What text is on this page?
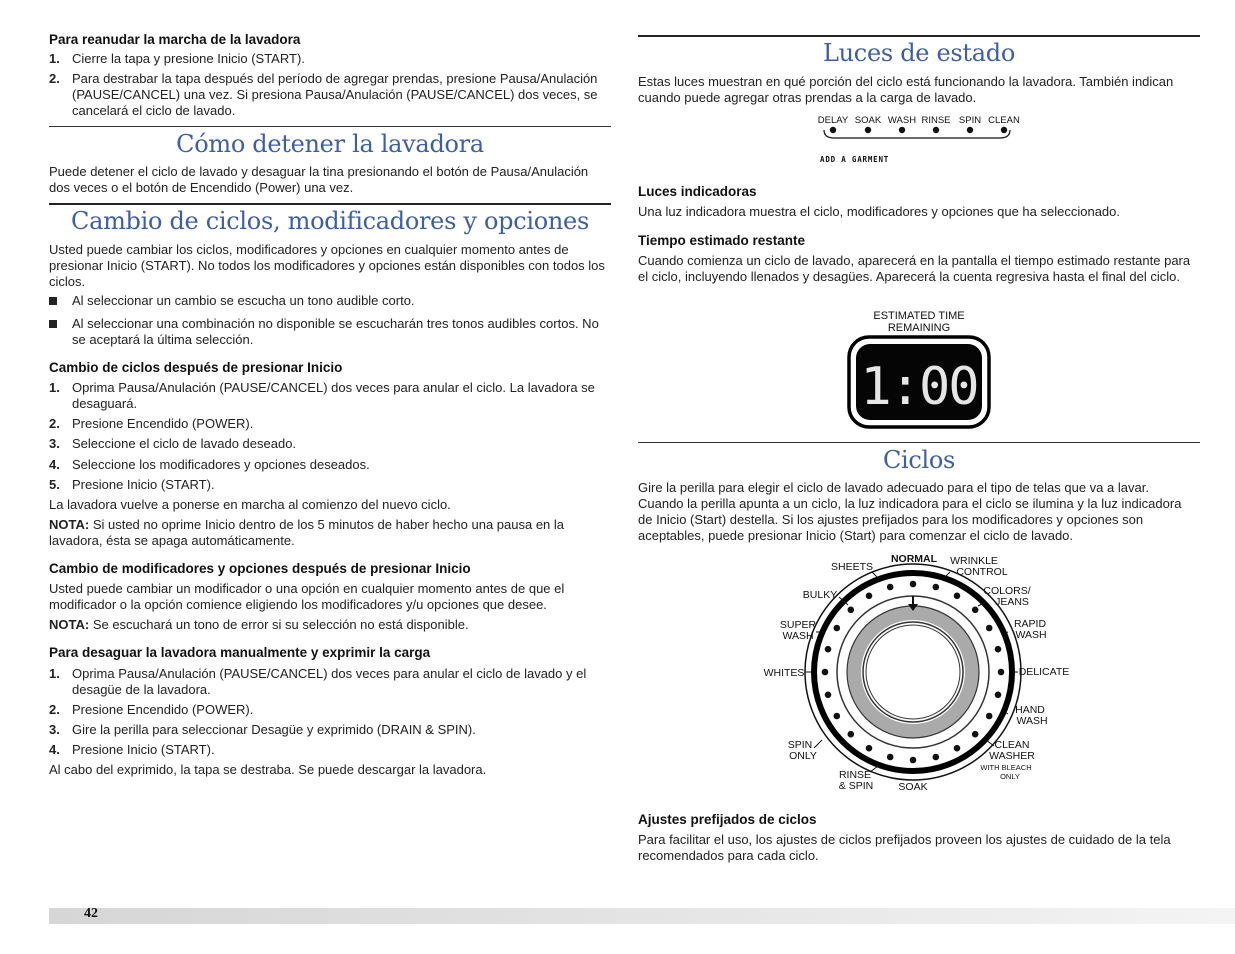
Para reanudar la marcha de la lavadora
1. Cierre la tapa y presione Inicio (START).
2. Para destrabar la tapa después del período de agregar prendas, presione Pausa/Anulación (PAUSE/CANCEL) una vez. Si presiona Pausa/Anulación (PAUSE/CANCEL) dos veces, se cancelará el ciclo de lavado.
Cómo detener la lavadora
Puede detener el ciclo de lavado y desaguar la tina presionando el botón de Pausa/Anulación dos veces o el botón de Encendido (Power) una vez.
Cambio de ciclos, modificadores y opciones
Usted puede cambiar los ciclos, modificadores y opciones en cualquier momento antes de presionar Inicio (START). No todos los modificadores y opciones están disponibles con todos los ciclos.
Al seleccionar un cambio se escucha un tono audible corto.
Al seleccionar una combinación no disponible se escucharán tres tonos audibles cortos. No se aceptará la última selección.
Cambio de ciclos después de presionar Inicio
1. Oprima Pausa/Anulación (PAUSE/CANCEL) dos veces para anular el ciclo. La lavadora se desaguará.
2. Presione Encendido (POWER).
3. Seleccione el ciclo de lavado deseado.
4. Seleccione los modificadores y opciones deseados.
5. Presione Inicio (START).
La lavadora vuelve a ponerse en marcha al comienzo del nuevo ciclo.
NOTA: Si usted no oprime Inicio dentro de los 5 minutos de haber hecho una pausa en la lavadora, ésta se apaga automáticamente.
Cambio de modificadores y opciones después de presionar Inicio
Usted puede cambiar un modificador o una opción en cualquier momento antes de que el modificador o la opción comience eligiendo los modificadores y/u opciones que desee.
NOTA: Se escuchará un tono de error si su selección no está disponible.
Para desaguar la lavadora manualmente y exprimir la carga
1. Oprima Pausa/Anulación (PAUSE/CANCEL) dos veces para anular el ciclo de lavado y el desagüe de la lavadora.
2. Presione Encendido (POWER).
3. Gire la perilla para seleccionar Desagüe y exprimido (DRAIN & SPIN).
4. Presione Inicio (START).
Al cabo del exprimido, la tapa se destraba. Se puede descargar la lavadora.
Luces de estado
Estas luces muestran en qué porción del ciclo está funcionando la lavadora. También indican cuando puede agregar otras prendas a la carga de lavado.
DELAY SOAK WASH RINSE SPIN CLEAN
ADD A GARMENT
Luces indicadoras
Una luz indicadora muestra el ciclo, modificadores y opciones que ha seleccionado.
Tiempo estimado restante
Cuando comienza un ciclo de lavado, aparecerá en la pantalla el tiempo estimado restante para el ciclo, incluyendo llenados y desagües. Aparecerá la cuenta regresiva hasta el final del ciclo.
ESTIMATED TIME
REMAINING
1:00
Ciclos
Gire la perilla para elegir el ciclo de lavado adecuado para el tipo de telas que va a lavar. Cuando la perilla apunta a un ciclo, la luz indicadora para el ciclo se ilumina y la luz indicadora de Inicio (Start) destella. Si los ajustes prefijados para los modificadores y opciones son aceptables, puede presionar Inicio (Start) para comenzar el ciclo de lavado.
NORMAL
SHEETS	WRINKLE
CONTROL
BULKY	COLORS/
JEANS
SUPER
WASH
RAPID
WASH
WHITES	DELICATE
HAND
WASH
SPIN
ONLY
CLEAN
WASHER
WITH BLEACH
ONLY
RINSE
& SPIN SOAK
Ajustes prefijados de ciclos
Para facilitar el uso, los ajustes de ciclos prefijados proveen los ajustes de cuidado de la tela recomendados para cada ciclo.
42
